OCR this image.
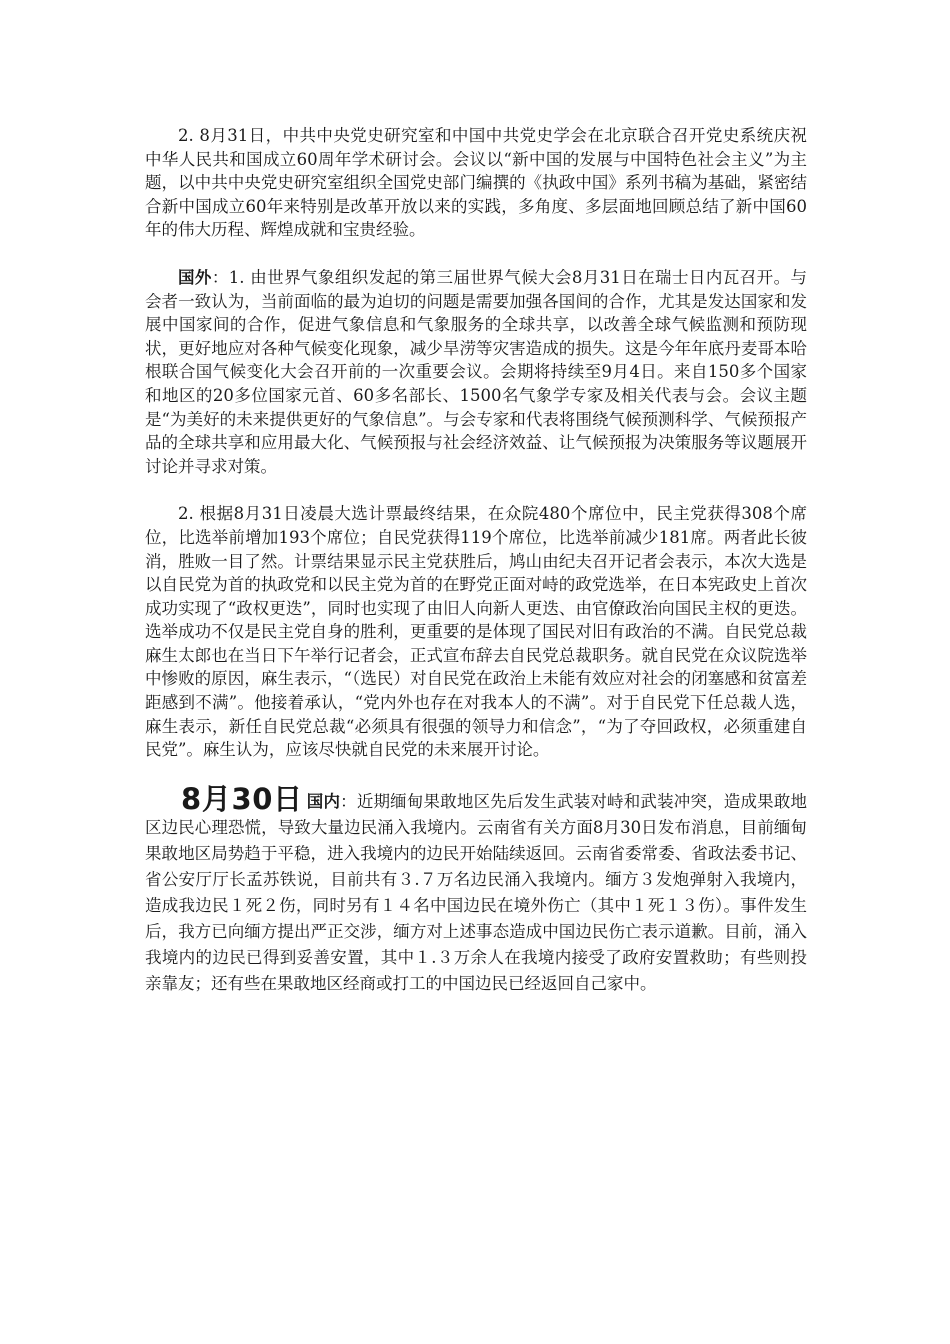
2. 8月31日，中共中央党史研究室和中国中共党史学会在北京联合召开党史系统庆祝中华人民共和国成立60周年学术研讨会。会议以“新中国的发展与中国特色社会主义”为主题，以中共中央党史研究室组织全国党史部门编撰的《执政中国》系列书稿为基础，紧密结合新中国成立60年来特别是改革开放以来的实践，多角度、多层面地回顾总结了新中国60年的伟大历程、辉煌成就和宝贵经验。

国外：1. 由世界气象组织发起的第三届世界气候大会8月31日在瑞士日内瓦召开。与会者一致认为，当前面临的最为迫切的问题是需要加强各国间的合作，尤其是发达国家和发展中国家间的合作，促进气象信息和气象服务的全球共享，以改善全球气候监测和预防现状，更好地应对各种气候变化现象，减少旱涝等灾害造成的损失。这是今年年底丹麦哥本哈根联合国气候变化大会召开前的一次重要会议。会期将持续至9月4日。来自150多个国家和地区的20多位国家元首、60多名部长、1500名气象学专家及相关代表与会。会议主题是“为美好的未来提供更好的气象信息”。与会专家和代表将围绕气候预测科学、气候预报产品的全球共享和应用最大化、气候预报与社会经济效益、让气候预报为决策服务等议题展开讨论并寻求对策。

2. 根据8月31日凌晨大选计票最终结果，在众院480个席位中，民主党获得308个席位，比选举前增加193个席位；自民党获得119个席位，比选举前减少181席。两者此长彼消，胜败一目了然。计票结果显示民主党获胜后，鸠山由纪夫召开记者会表示，本次大选是以自民党为首的执政党和以民主党为首的在野党正面对峙的政党选举，在日本宪政史上首次成功实现了“政权更迭”，同时也实现了由旧人向新人更迭、由官僚政治向国民主权的更迭。选举成功不仅是民主党自身的胜利，更重要的是体现了国民对旧有政治的不满。自民党总裁麻生太郎也在当日下午举行记者会，正式宣布辞去自民党总裁职务。就自民党在众议院选举中惨败的原因，麻生表示，“（选民）对自民党在政治上未能有效应对社会的闭塞感和贫富差距感到不满”。他接着承认，“党内外也存在对我本人的不满”。对于自民党下任总裁人选，麻生表示，新任自民党总裁“必须具有很强的领导力和信念”，“为了夺回政权，必须重建自民党”。麻生认为，应该尽快就自民党的未来展开讨论。

8月30日 国内：近期缅甸果敢地区先后发生武装对峙和武装冲突，造成果敢地区边民心理恐慌，导致大量边民涌入我境内。云南省有关方面8月30日发布消息，目前缅甸果敢地区局势趋于平稳，进入我境内的边民开始陆续返回。云南省委常委、省政法委书记、省公安厅厅长孟苏铁说，目前共有３.７万名边民涌入我境内。缅方３发炮弹射入我境内，造成我边民１死２伤，同时另有１４名中国边民在境外伤亡（其中１死１３伤）。事件发生后，我方已向缅方提出严正交涉，缅方对上述事态造成中国边民伤亡表示道歉。目前，涌入我境内的边民已得到妥善安置，其中１.３万余人在我境内接受了政府安置救助；有些则投亲靠友；还有些在果敢地区经商或打工的中国边民已经返回自己家中。
